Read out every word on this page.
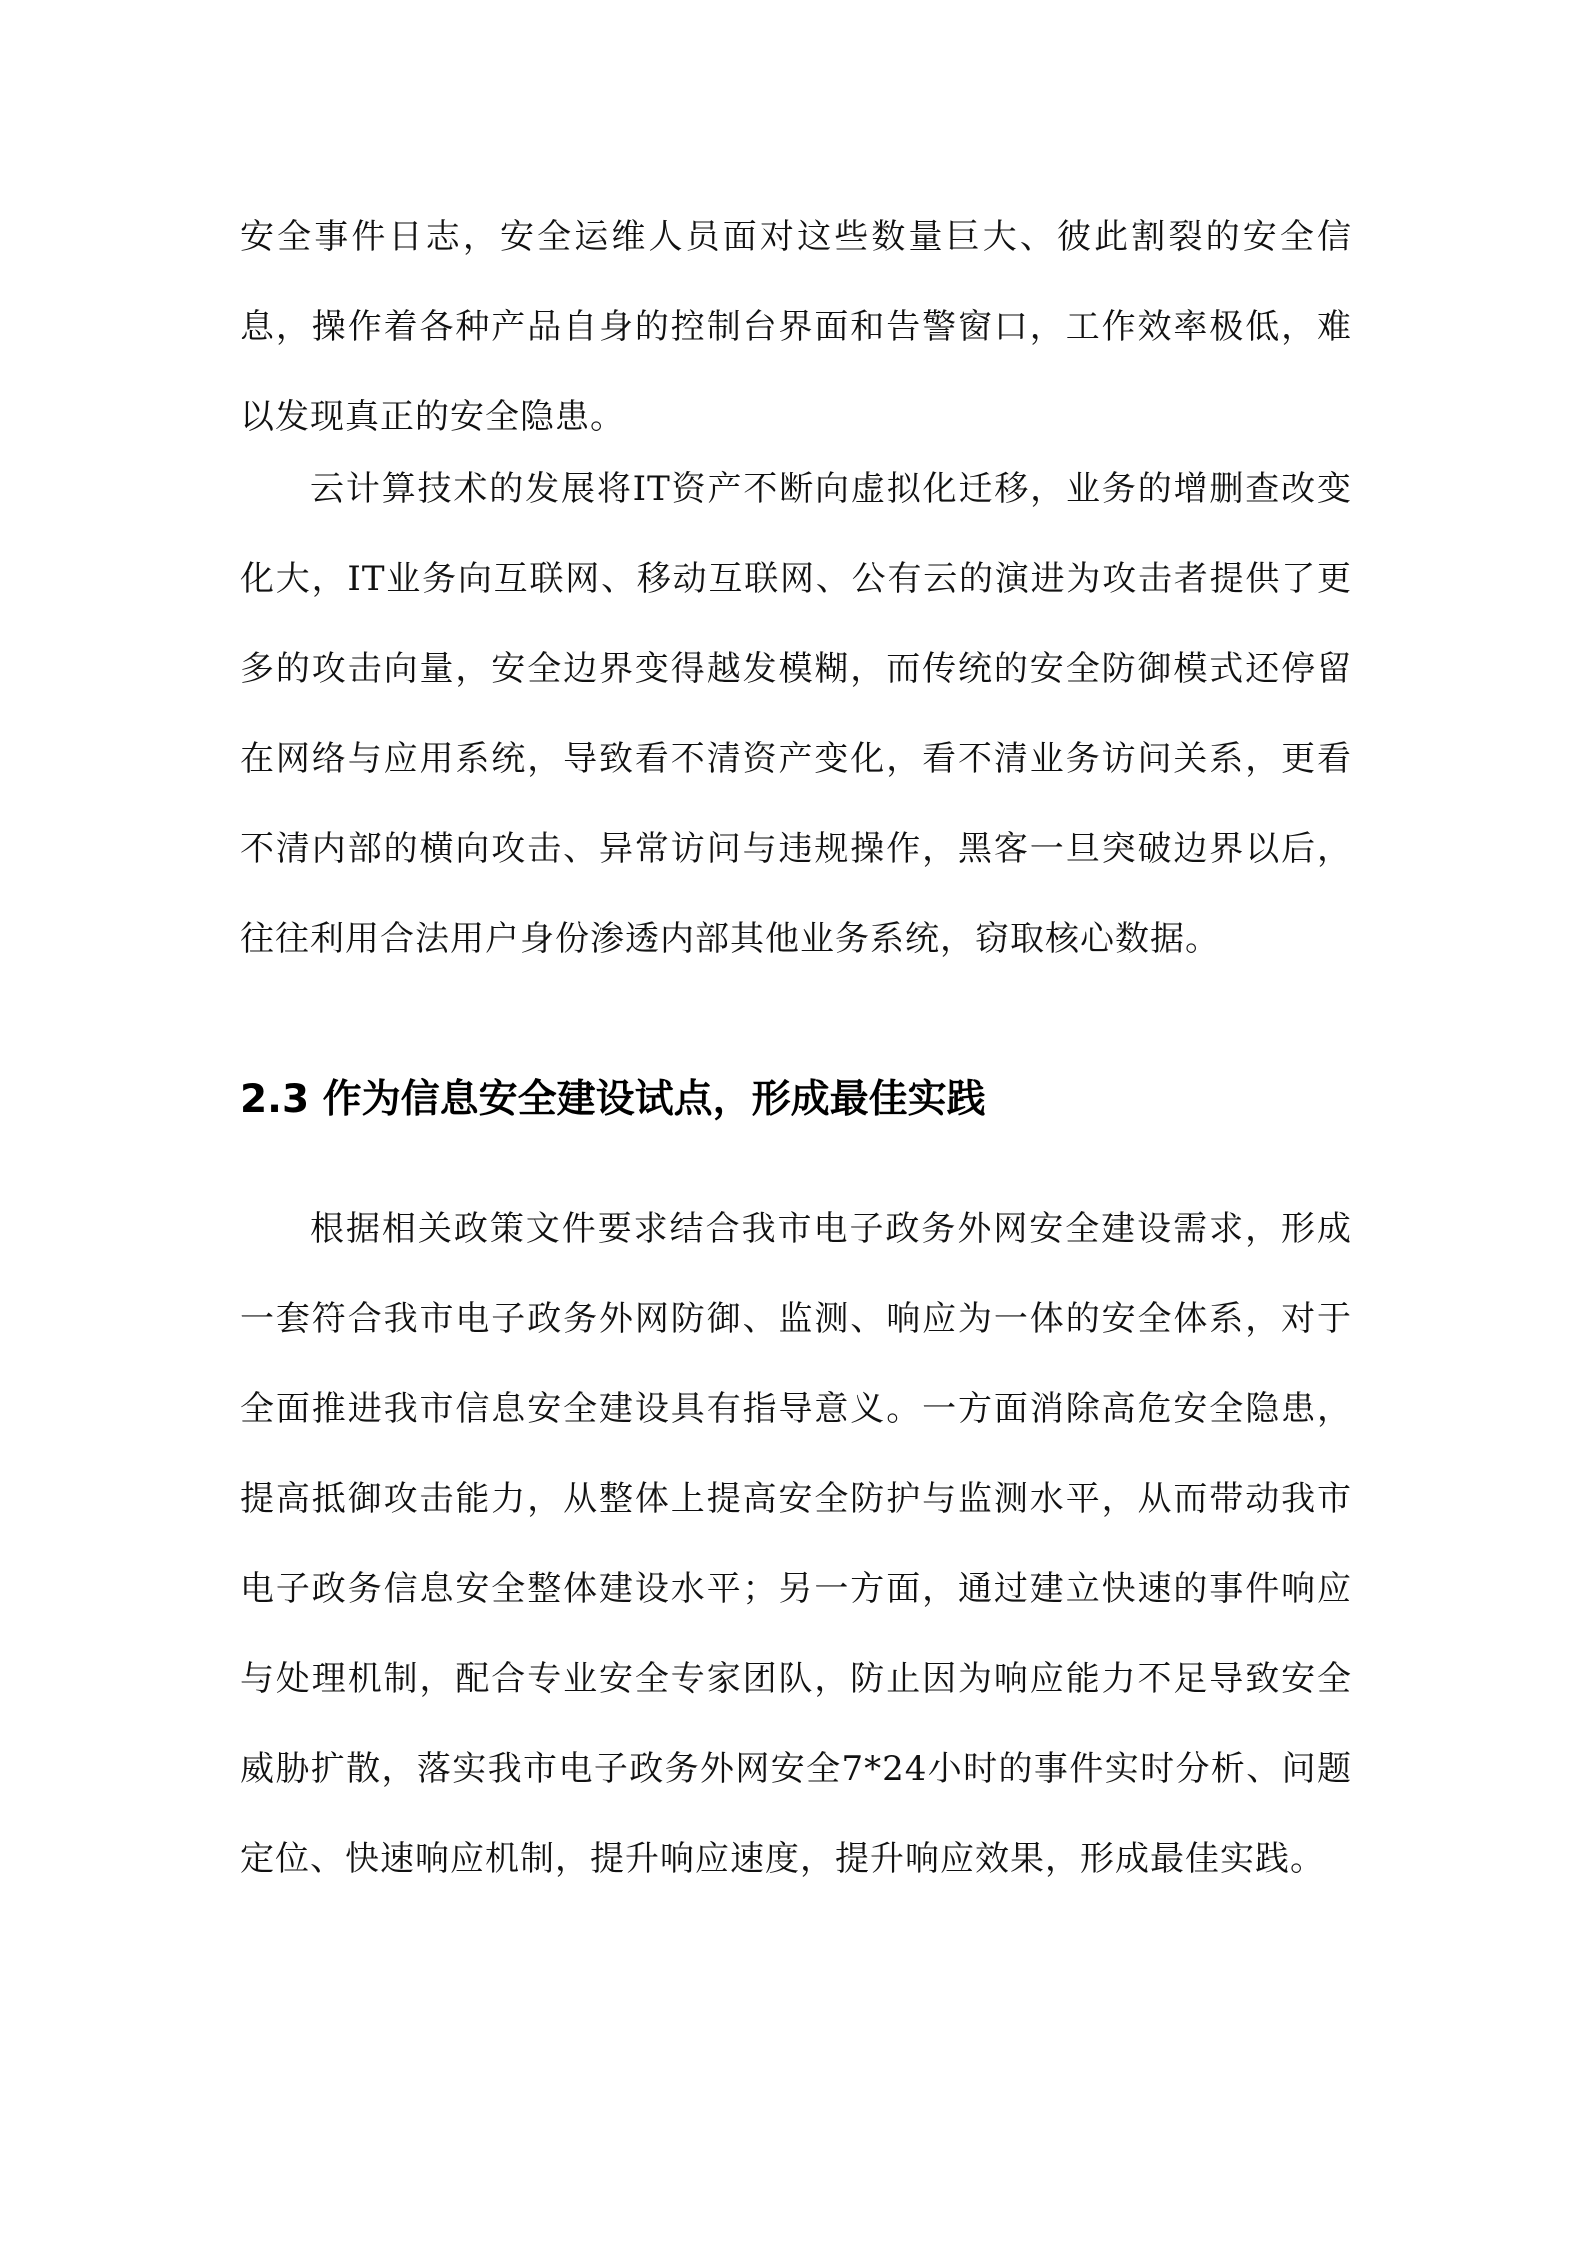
安全事件日志，安全运维人员面对这些数量巨大、彼此割裂的安全信息，操作着各种产品自身的控制台界面和告警窗口，工作效率极低，难以发现真正的安全隐患。

云计算技术的发展将IT资产不断向虚拟化迁移，业务的增删查改变化大，IT业务向互联网、移动互联网、公有云的演进为攻击者提供了更多的攻击向量，安全边界变得越发模糊，而传统的安全防御模式还停留在网络与应用系统，导致看不清资产变化，看不清业务访问关系，更看不清内部的横向攻击、异常访问与违规操作，黑客一旦突破边界以后，往往利用合法用户身份渗透内部其他业务系统，窃取核心数据。

2.3 作为信息安全建设试点，形成最佳实践

根据相关政策文件要求结合我市电子政务外网安全建设需求，形成一套符合我市电子政务外网防御、监测、响应为一体的安全体系，对于全面推进我市信息安全建设具有指导意义。一方面消除高危安全隐患，提高抵御攻击能力，从整体上提高安全防护与监测水平，从而带动我市电子政务信息安全整体建设水平；另一方面，通过建立快速的事件响应与处理机制，配合专业安全专家团队，防止因为响应能力不足导致安全威胁扩散，落实我市电子政务外网安全7*24小时的事件实时分析、问题定位、快速响应机制，提升响应速度，提升响应效果，形成最佳实践。
